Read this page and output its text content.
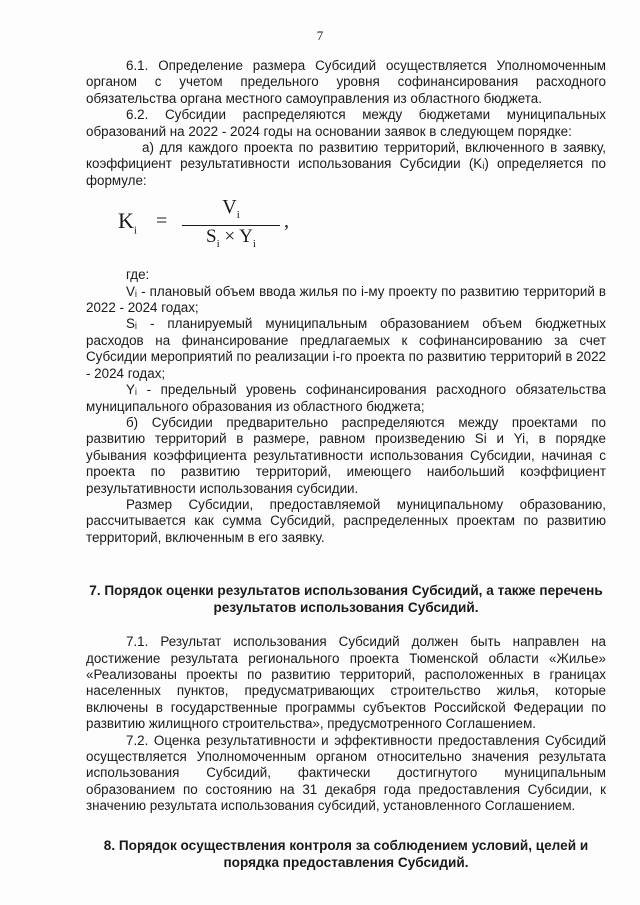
7

6.1. Определение размера Субсидий осуществляется Уполномоченным органом с учетом предельного уровня софинансирования расходного обязательства органа местного самоуправления из областного бюджета.

6.2. Субсидии распределяются между бюджетами муниципальных образований на 2022 - 2024 годы на основании заявок в следующем порядке:

а) для каждого проекта по развитию территорий, включенного в заявку, коэффициент результативности использования Субсидии (Kᵢ) определяется по формуле:

$K_i$ =
$V_i$
$S_i \times Y_i$
,

где:

Vᵢ - плановый объем ввода жилья по i-му проекту по развитию территорий в 2022 - 2024 годах;

Sᵢ - планируемый муниципальным образованием объем бюджетных расходов на финансирование предлагаемых к софинансированию за счет Субсидии мероприятий по реализации i-го проекта по развитию территорий в 2022 - 2024 годах;

Yᵢ - предельный уровень софинансирования расходного обязательства муниципального образования из областного бюджета;

б) Субсидии предварительно распределяются между проектами по развитию территорий в размере, равном произведению Si и Yi, в порядке убывания коэффициента результативности использования Субсидии, начиная с проекта по развитию территорий, имеющего наибольший коэффициент результативности использования субсидии.

Размер Субсидии, предоставляемой муниципальному образованию, рассчитывается как сумма Субсидий, распределенных проектам по развитию территорий, включенным в его заявку.

7. Порядок оценки результатов использования Субсидий, а также перечень результатов использования Субсидий.

7.1. Результат использования Субсидий должен быть направлен на достижение результата регионального проекта Тюменской области «Жилье» «Реализованы проекты по развитию территорий, расположенных в границах населенных пунктов, предусматривающих строительство жилья, которые включены в государственные программы субъектов Российской Федерации по развитию жилищного строительства», предусмотренного Соглашением.

7.2. Оценка результативности и эффективности предоставления Субсидий осуществляется Уполномоченным органом относительно значения результата использования Субсидий, фактически достигнутого муниципальным образованием по состоянию на 31 декабря года предоставления Субсидии, к значению результата использования субсидий, установленного Соглашением.

8. Порядок осуществления контроля за соблюдением условий, целей и порядка предоставления Субсидий.
